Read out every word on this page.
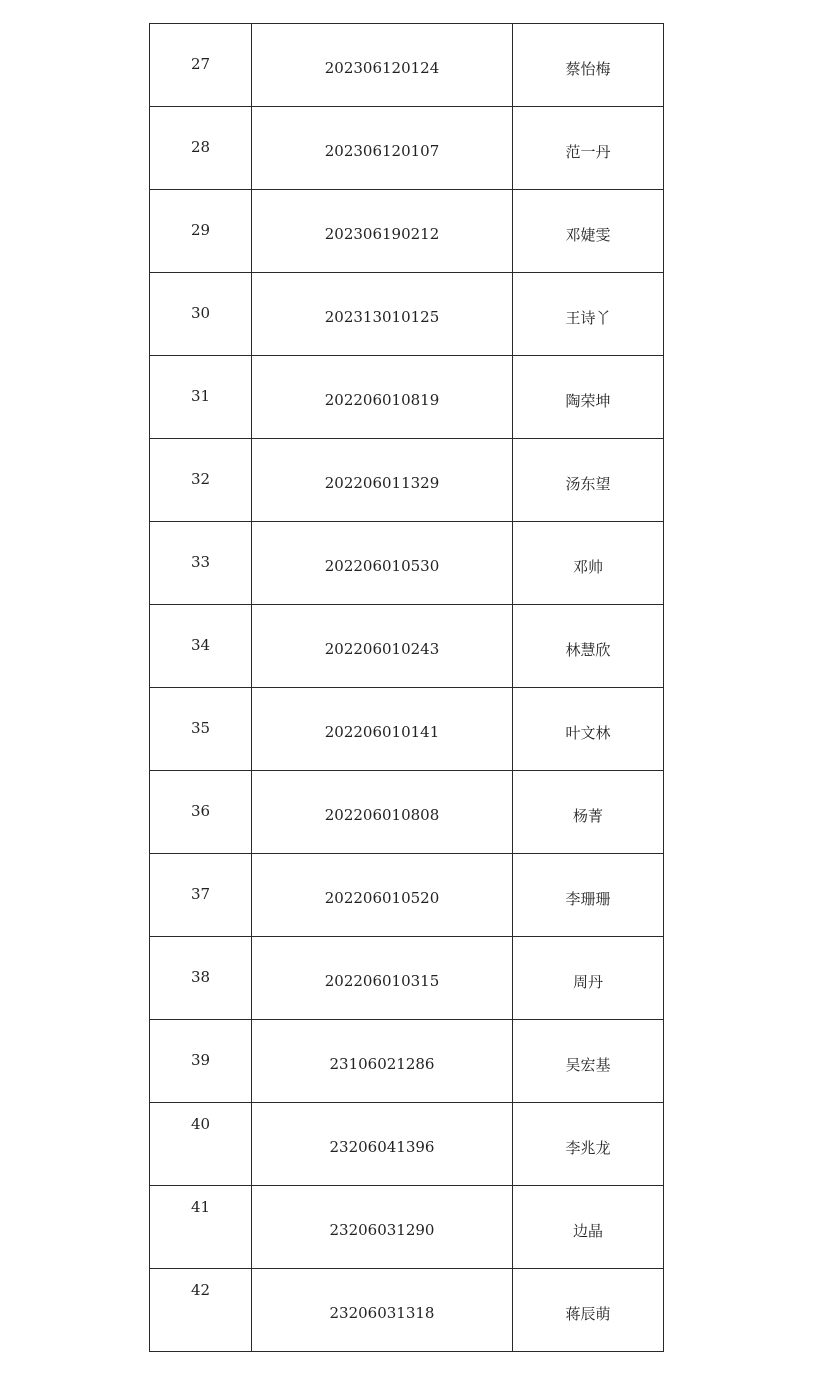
27	202306120124	蔡怡梅

28	202306120107	范一丹

29	202306190212	邓婕雯

30	202313010125	王诗丫

31	202206010819	陶荣坤

32	202206011329	汤东望

33	202206010530	邓帅

34	202206010243	林慧欣

35	202206010141	叶文林

36	202206010808	杨菁

37	202206010520	李珊珊

38	202206010315	周丹

39	23106021286	吴宏基

40	23206041396	李兆龙

41	23206031290	边晶

42	23206031318	蒋辰萌
